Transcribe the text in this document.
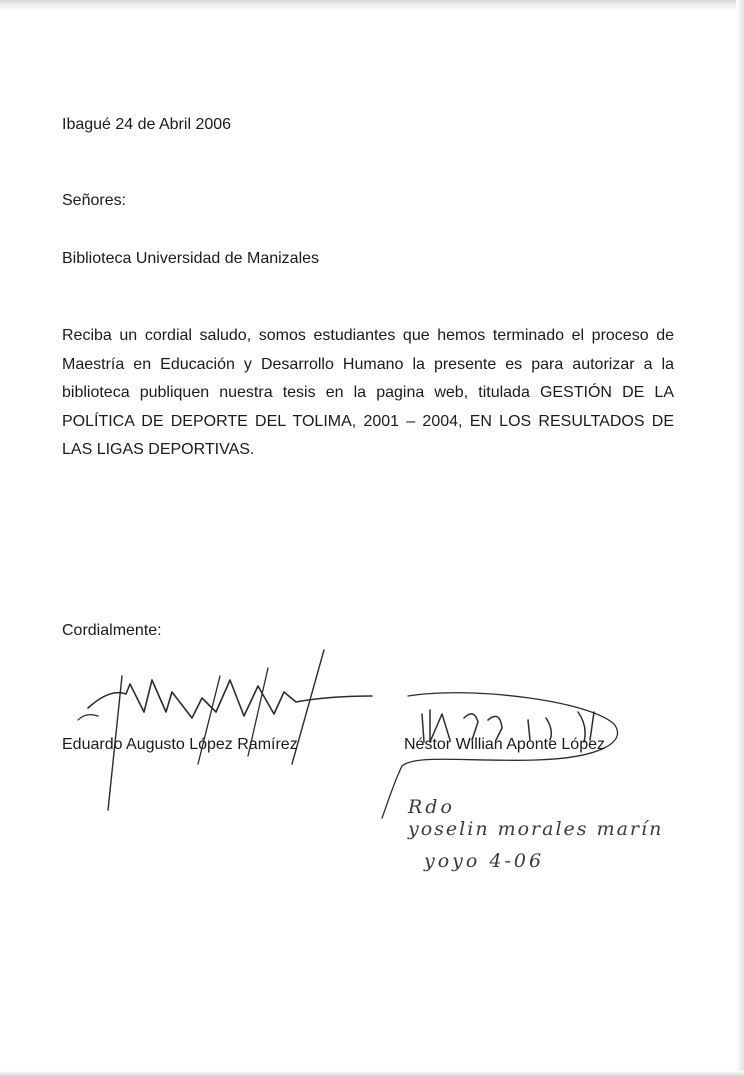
Ibagué 24 de Abril 2006

Señores:

Biblioteca Universidad de Manizales

Reciba un cordial saludo, somos estudiantes que hemos terminado el proceso de Maestría en Educación y Desarrollo Humano la presente es para autorizar a la biblioteca publiquen nuestra tesis en la pagina web, titulada GESTIÓN DE LA POLÍTICA DE DEPORTE DEL TOLIMA, 2001 – 2004, EN LOS RESULTADOS DE LAS LIGAS DEPORTIVAS.

Cordialmente:

Eduardo Augusto López Ramírez	Néstor Willian Aponte López

Rdo

yoselin morales marín

yoyo 4-06
